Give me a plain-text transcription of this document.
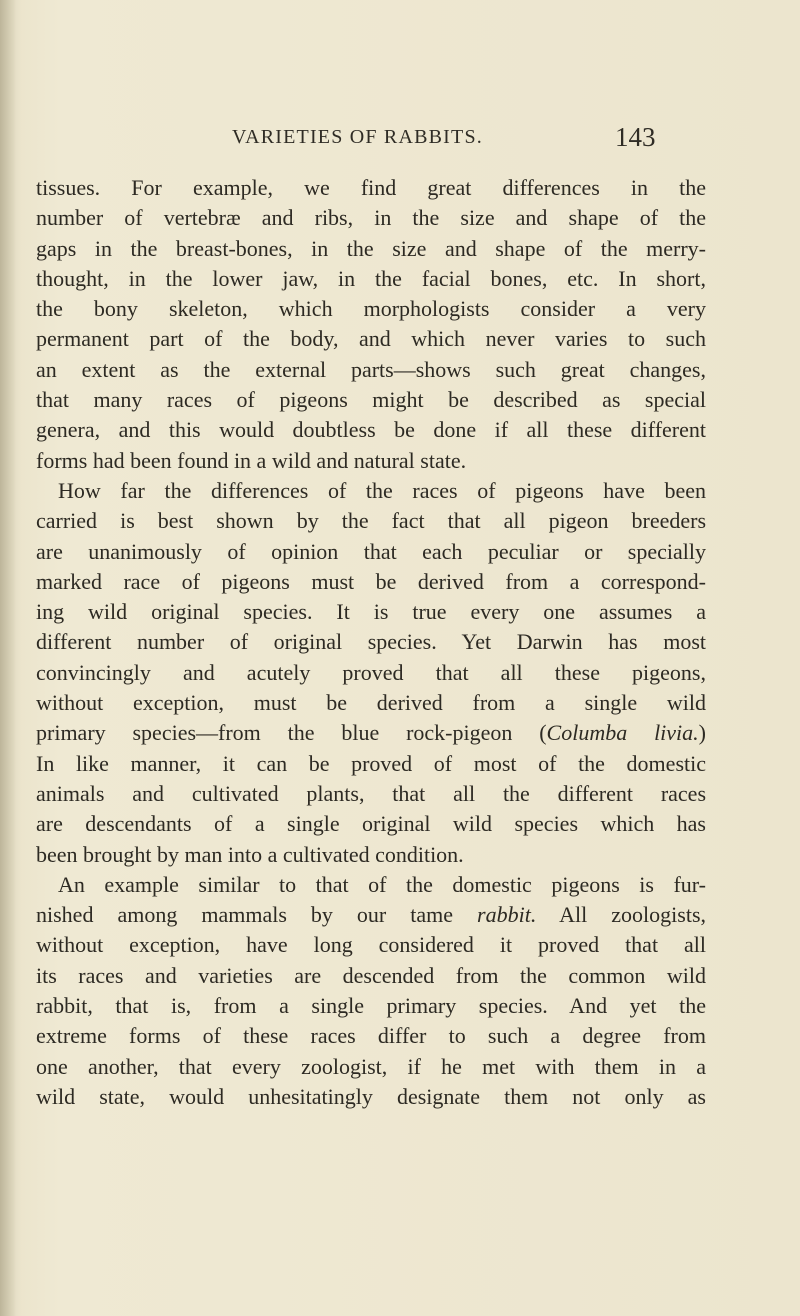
VARIETIES OF RABBITS.	143
tissues. For example, we find great differences in the
number of vertebræ and ribs, in the size and shape of the
gaps in the breast-bones, in the size and shape of the merry-
thought, in the lower jaw, in the facial bones, etc. In short,
the bony skeleton, which morphologists consider a very
permanent part of the body, and which never varies to such
an extent as the external parts—shows such great changes,
that many races of pigeons might be described as special
genera, and this would doubtless be done if all these different
forms had been found in a wild and natural state.
How far the differences of the races of pigeons have been
carried is best shown by the fact that all pigeon breeders
are unanimously of opinion that each peculiar or specially
marked race of pigeons must be derived from a correspond-
ing wild original species. It is true every one assumes a
different number of original species. Yet Darwin has most
convincingly and acutely proved that all these pigeons,
without exception, must be derived from a single wild
primary species—from the blue rock-pigeon (Columba livia.)
In like manner, it can be proved of most of the domestic
animals and cultivated plants, that all the different races
are descendants of a single original wild species which has
been brought by man into a cultivated condition.
An example similar to that of the domestic pigeons is fur-
nished among mammals by our tame rabbit. All zoologists,
without exception, have long considered it proved that all
its races and varieties are descended from the common wild
rabbit, that is, from a single primary species. And yet the
extreme forms of these races differ to such a degree from
one another, that every zoologist, if he met with them in a
wild state, would unhesitatingly designate them not only as
